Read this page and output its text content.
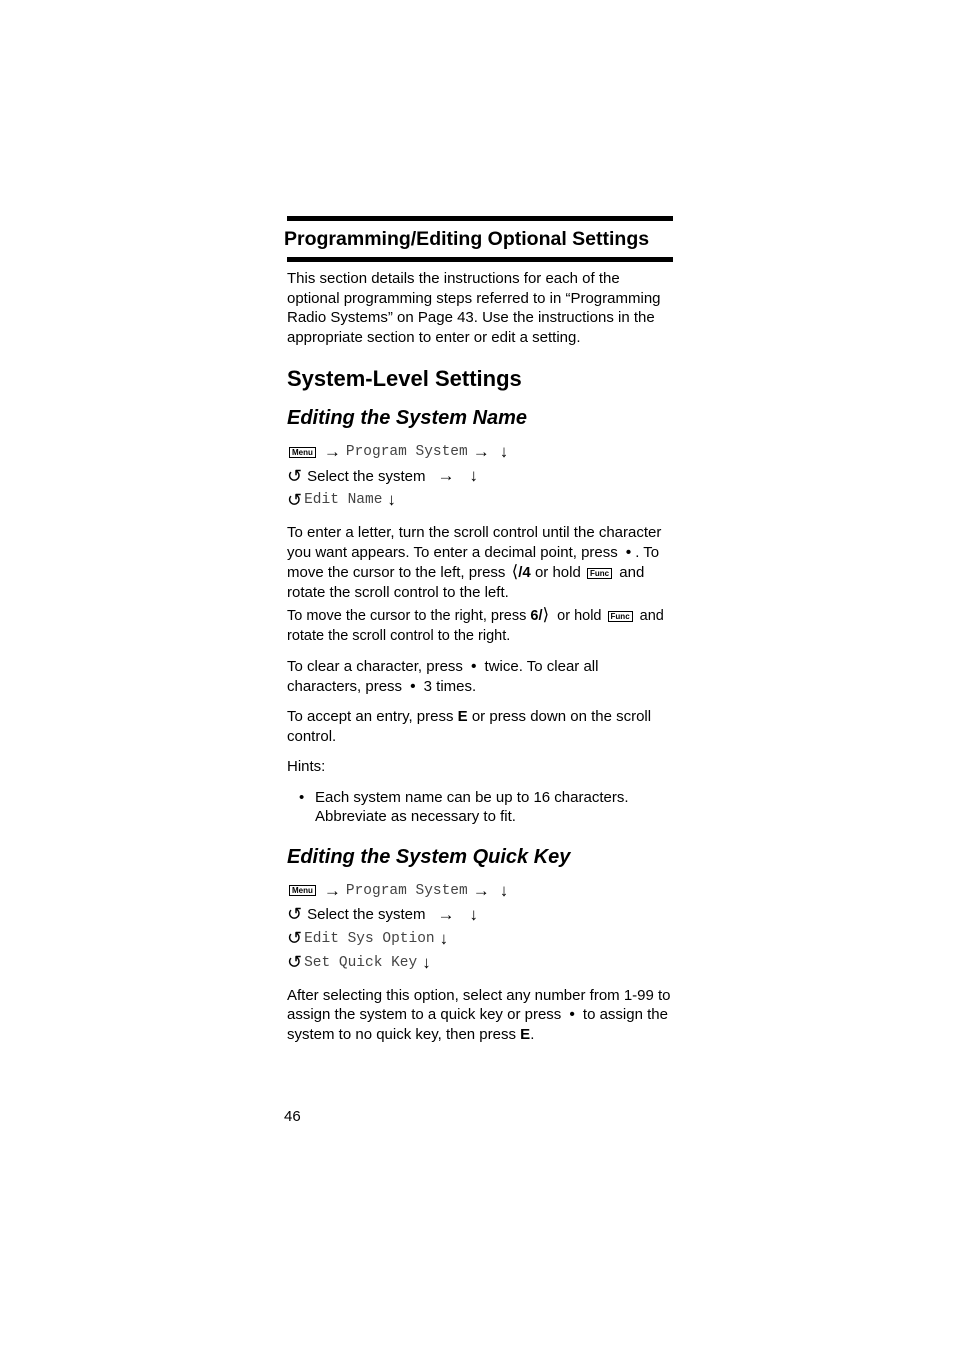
Programming/Editing Optional Settings

This section details the instructions for each of the optional programming steps referred to in “Programming Radio Systems” on Page 43. Use the instructions in the appropriate section to enter or edit a setting.

System-Level Settings
Editing the System Name
Menu → Program System → ↓
↺ Select the system → ↓
↺ Edit Name ↓

To enter a letter, turn the scroll control until the character you want appears. To enter a decimal point, press • . To move the cursor to the left, press ⟨/4 or hold Func and rotate the scroll control to the left.

To move the cursor to the right, press 6/⟩ or hold Func and rotate the scroll control to the right.

To clear a character, press • twice. To clear all characters, press • 3 times.

To accept an entry, press E or press down on the scroll control.

Hints:

• Each system name can be up to 16 characters. Abbreviate as necessary to fit.
Editing the System Quick Key
Menu → Program System → ↓
↺ Select the system → ↓
↺ Edit Sys Option ↓
↺ Set Quick Key ↓

After selecting this option, select any number from 1-99 to assign the system to a quick key or press • to assign the system to no quick key, then press E.

46
